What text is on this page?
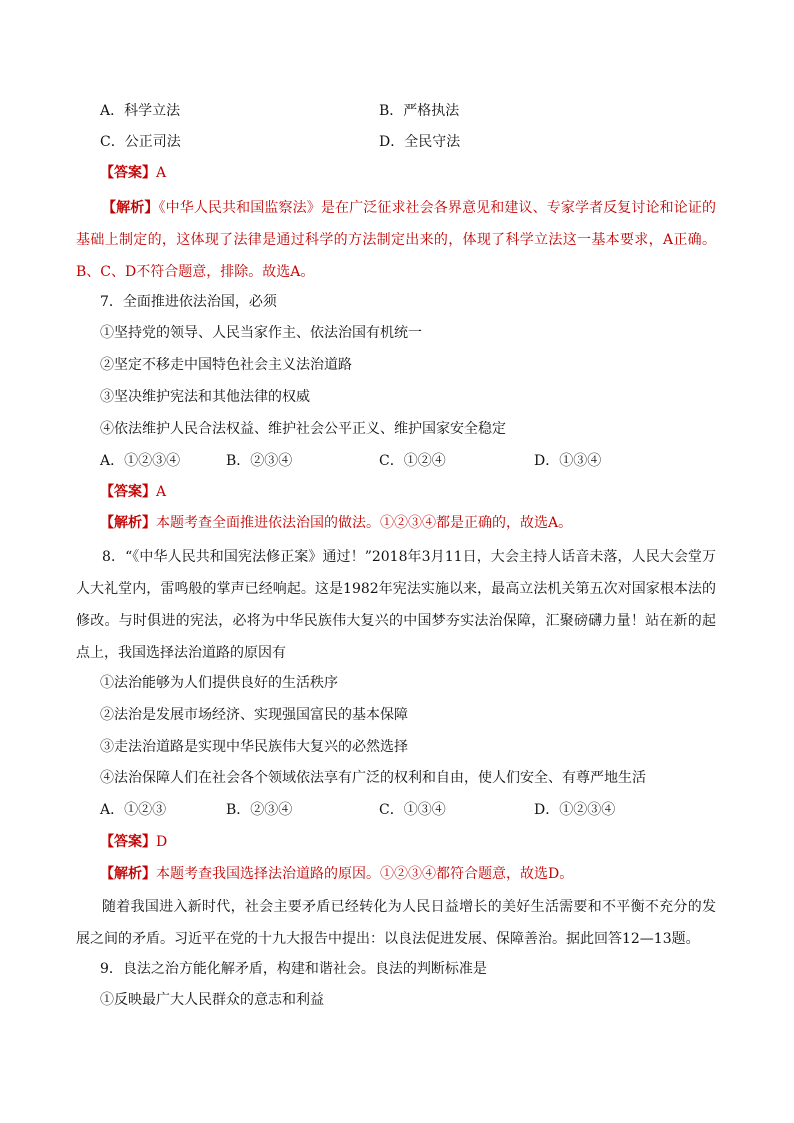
A．科学立法	B．严格执法
C．公正司法	D．全民守法
【答案】A
【解析】《中华人民共和国监察法》是在广泛征求社会各界意见和建议、专家学者反复讨论和论证的基础上制定的，这体现了法律是通过科学的方法制定出来的，体现了科学立法这一基本要求，A正确。B、C、D不符合题意，排除。故选A。
7．全面推进依法治国，必须
①坚持党的领导、人民当家作主、依法治国有机统一
②坚定不移走中国特色社会主义法治道路
③坚决维护宪法和其他法律的权威
④依法维护人民合法权益、维护社会公平正义、维护国家安全稳定
A．①②③④	B．②③④	C．①②④	D．①③④
【答案】A
【解析】本题考查全面推进依法治国的做法。①②③④都是正确的，故选A。
8．“《中华人民共和国宪法修正案》通过！”2018年3月11日，大会主持人话音未落，人民大会堂万人大礼堂内，雷鸣般的掌声已经响起。这是1982年宪法实施以来，最高立法机关第五次对国家根本法的修改。与时俱进的宪法，必将为中华民族伟大复兴的中国梦夯实法治保障，汇聚磅礴力量！站在新的起点上，我国选择法治道路的原因有
①法治能够为人们提供良好的生活秩序
②法治是发展市场经济、实现强国富民的基本保障
③走法治道路是实现中华民族伟大复兴的必然选择
④法治保障人们在社会各个领域依法享有广泛的权利和自由，使人们安全、有尊严地生活
A．①②③	B．②③④	C．①③④	D．①②③④
【答案】D
【解析】本题考查我国选择法治道路的原因。①②③④都符合题意，故选D。
随着我国进入新时代，社会主要矛盾已经转化为人民日益增长的美好生活需要和不平衡不充分的发展之间的矛盾。习近平在党的十九大报告中提出：以良法促进发展、保障善治。据此回答12—13题。
9．良法之治方能化解矛盾，构建和谐社会。良法的判断标准是
①反映最广大人民群众的意志和利益
